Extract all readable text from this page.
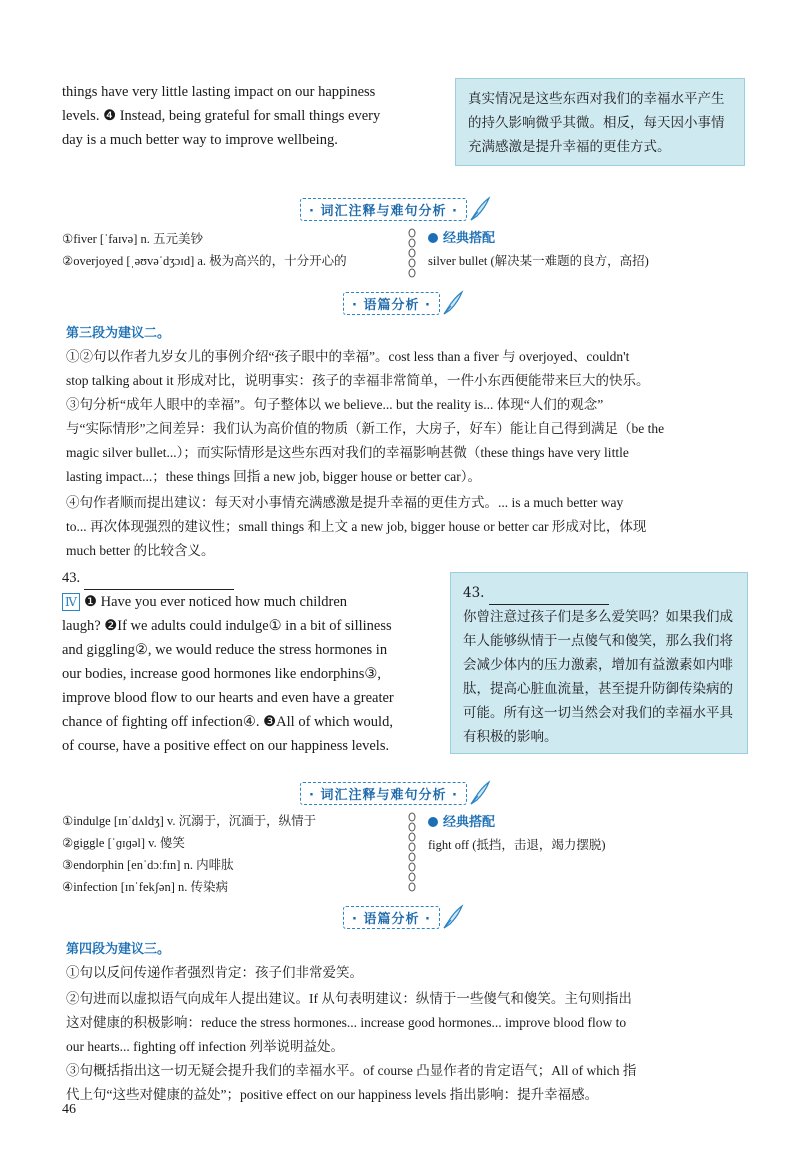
things have very little lasting impact on our happiness
levels. ❹ Instead, being grateful for small things every
day is a much better way to improve wellbeing.
真实情况是这些东西对我们的幸福水平产生的持久影响微乎其微。相反，每天因小事情充满感激是提升幸福的更佳方式。
· 词汇注释与难句分析 ·
①fiver [ˈfaɪvə] n. 五元美钞
②overjoyed [ˌəʊvəˈdʒɔɪd] a. 极为高兴的，十分开心的
经典搭配
silver bullet (解决某一难题的良方，高招)
· 语篇分析 ·
第三段为建议二。
①②句以作者九岁女儿的事例介绍“孩子眼中的幸福”。cost less than a fiver 与 overjoyed、couldn't
stop talking about it 形成对比，说明事实：孩子的幸福非常简单，一件小东西便能带来巨大的快乐。
③句分析“成年人眼中的幸福”。句子整体以 we believe... but the reality is... 体现“人们的观念”
与“实际情形”之间差异：我们认为高价值的物质（新工作，大房子，好车）能让自己得到满足（be the
magic silver bullet...）；而实际情形是这些东西对我们的幸福影响甚微（these things have very little
lasting impact...；these things 回指 a new job, bigger house or better car）。
④句作者顺而提出建议：每天对小事情充满感激是提升幸福的更佳方式。... is a much better way
to... 再次体现强烈的建议性；small things 和上文 a new job, bigger house or better car 形成对比，体现
much better 的比较含义。
43.
Ⅳ ❶ Have you ever noticed how much children
laugh? ❷If we adults could indulge① in a bit of silliness
and giggling②, we would reduce the stress hormones in
our bodies, increase good hormones like endorphins③,
improve blood flow to our hearts and even have a greater
chance of fighting off infection④. ❸All of which would,
of course, have a positive effect on our happiness levels.
43.
你曾注意过孩子们是多么爱笑吗？如果我们成年人能够纵情于一点傻气和傻笑，那么我们将会减少体内的压力激素，增加有益激素如内啡肽，提高心脏血流量，甚至提升防御传染病的可能。所有这一切当然会对我们的幸福水平具有积极的影响。
· 词汇注释与难句分析 ·
①indulge [ɪnˈdʌldʒ] v. 沉溺于，沉湎于，纵情于
②giggle [ˈɡɪɡəl] v. 傻笑
③endorphin [enˈdɔːfɪn] n. 内啡肽
④infection [ɪnˈfekʃən] n. 传染病
经典搭配
fight off (抵挡，击退，竭力摆脱)
· 语篇分析 ·
第四段为建议三。
①句以反问传递作者强烈肯定：孩子们非常爱笑。
②句进而以虚拟语气向成年人提出建议。If 从句表明建议：纵情于一些傻气和傻笑。主句则指出
这对健康的积极影响：reduce the stress hormones... increase good hormones... improve blood flow to
our hearts... fighting off infection 列举说明益处。
③句概括指出这一切无疑会提升我们的幸福水平。of course 凸显作者的肯定语气；All of which 指
代上句“这些对健康的益处”；positive effect on our happiness levels 指出影响：提升幸福感。
46
